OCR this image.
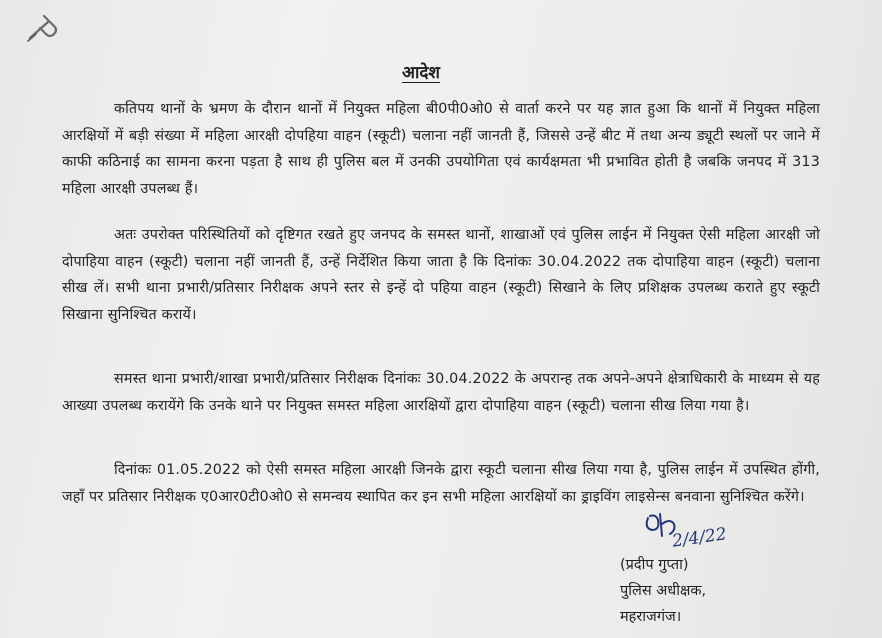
आदेश

कतिपय थानों के भ्रमण के दौरान थानों में नियुक्त महिला बी0पी0ओ0 से वार्ता करने पर यह ज्ञात हुआ कि थानों में नियुक्त महिला आरक्षियों में बड़ी संख्या में महिला आरक्षी दोपहिया वाहन (स्कूटी) चलाना नहीं जानती हैं, जिससे उन्हें बीट में तथा अन्य ड्यूटी स्थलों पर जाने में काफी कठिनाई का सामना करना पड़ता है साथ ही पुलिस बल में उनकी उपयोगिता एवं कार्यक्षमता भी प्रभावित होती है जबकि जनपद में 313 महिला आरक्षी उपलब्ध हैं।

अतः उपरोक्त परिस्थितियों को दृष्टिगत रखते हुए जनपद के समस्त थानों, शाखाओं एवं पुलिस लाईन में नियुक्त ऐसी महिला आरक्षी जो दोपाहिया वाहन (स्कूटी) चलाना नहीं जानती हैं, उन्हें निर्देशित किया जाता है कि दिनांकः 30.04.2022 तक दोपाहिया वाहन (स्कूटी) चलाना सीख लें। सभी थाना प्रभारी/प्रतिसार निरीक्षक अपने स्तर से इन्हें दो पहिया वाहन (स्कूटी) सिखाने के लिए प्रशिक्षक उपलब्ध कराते हुए स्कूटी सिखाना सुनिश्चित करायें।

समस्त थाना प्रभारी/शाखा प्रभारी/प्रतिसार निरीक्षक दिनांकः 30.04.2022 के अपरान्ह तक अपने-अपने क्षेत्राधिकारी के माध्यम से यह आख्या उपलब्ध करायेंगे कि उनके थाने पर नियुक्त समस्त महिला आरक्षियों द्वारा दोपाहिया वाहन (स्कूटी) चलाना सीख लिया गया है।

दिनांकः 01.05.2022 को ऐसी समस्त महिला आरक्षी जिनके द्वारा स्कूटी चलाना सीख लिया गया है, पुलिस लाईन में उपस्थित होंगी, जहाँ पर प्रतिसार निरीक्षक ए0आर0टी0ओ0 से समन्वय स्थापित कर इन सभी महिला आरक्षियों का ड्राइविंग लाइसेन्स बनवाना सुनिश्चित करेंगे।

2/4/22
(प्रदीप गुप्ता)
पुलिस अधीक्षक,
महराजगंज।
